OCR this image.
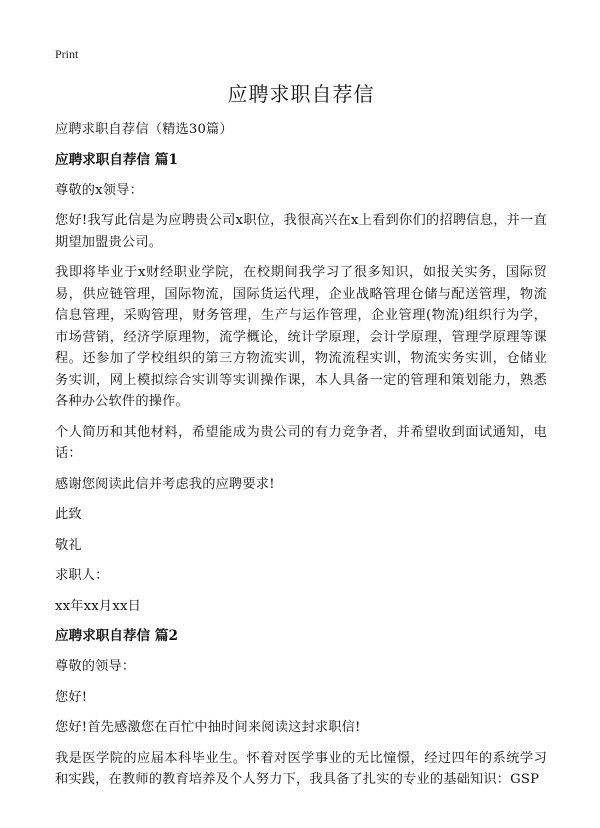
Print
应聘求职自荐信
应聘求职自荐信（精选30篇）
应聘求职自荐信 篇1
尊敬的x领导：
您好!我写此信是为应聘贵公司x职位，我很高兴在x上看到你们的招聘信息，并一直期望加盟贵公司。
我即将毕业于x财经职业学院，在校期间我学习了很多知识，如报关实务，国际贸易，供应链管理，国际物流，国际货运代理，企业战略管理仓储与配送管理，物流信息管理，采购管理，财务管理，生产与运作管理，企业管理(物流)组织行为学，市场营销，经济学原理物，流学概论，统计学原理，会计学原理，管理学原理等课程。还参加了学校组织的第三方物流实训，物流流程实训，物流实务实训，仓储业务实训，网上模拟综合实训等实训操作课，本人具备一定的管理和策划能力，熟悉各种办公软件的操作。
个人简历和其他材料，希望能成为贵公司的有力竞争者，并希望收到面试通知，电话：
感谢您阅读此信并考虑我的应聘要求!
此致
敬礼
求职人：
xx年xx月xx日
应聘求职自荐信 篇2
尊敬的领导：
您好!
您好!首先感激您在百忙中抽时间来阅读这封求职信!
我是医学院的应届本科毕业生。怀着对医学事业的无比憧憬，经过四年的系统学习和实践，在教师的教育培养及个人努力下，我具备了扎实的专业的基础知识：GSP
